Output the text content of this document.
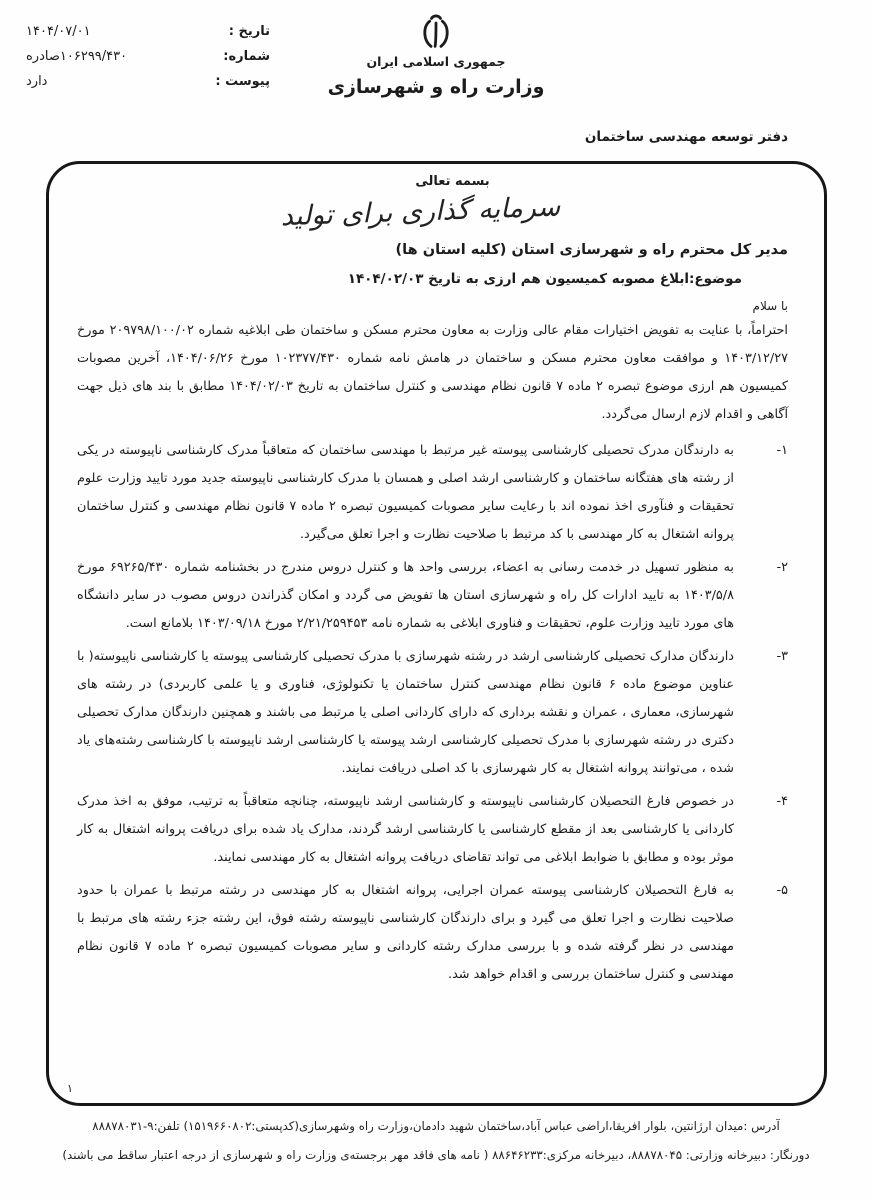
تاریخ :
۱۴۰۴/۰۷/۰۱
شماره:
۱۰۶۲۹۹/۴۳۰صادره
پیوست :
دارد
جمهوری اسلامی ایران
وزارت راه و شهرسازی
دفتر توسعه مهندسی ساختمان
بسمه تعالی
سرمایه گذاری برای تولید
مدیر کل محترم راه و شهرسازی استان (کلیه استان ها)
موضوع:ابلاغ مصوبه کمیسیون هم ارزی به تاریخ ۱۴۰۴/۰۲/۰۳
با سلام
احتراماً، با عنایت به تفویض اختیارات مقام عالی وزارت به معاون محترم مسکن و ساختمان طی ابلاغیه شماره ۲۰۹۷۹۸/۱۰۰/۰۲ مورخ ۱۴۰۳/۱۲/۲۷ و موافقت معاون محترم مسکن و ساختمان در هامش نامه شماره ۱۰۲۳۷۷/۴۳۰ مورخ ۱۴۰۴/۰۶/۲۶، آخرین مصوبات کمیسیون هم ارزی موضوع تبصره ۲ ماده ۷ قانون نظام مهندسی و کنترل ساختمان به تاریخ ۱۴۰۴/۰۲/۰۳ مطابق با بند های ذیل جهت آگاهی و اقدام لازم ارسال می‌گردد.
۱-
به دارندگان مدرک تحصیلی کارشناسی پیوسته غیر مرتبط با مهندسی ساختمان که متعاقباً مدرک کارشناسی ناپیوسته در یکی از رشته های هفتگانه ساختمان و کارشناسی ارشد اصلی و همسان با مدرک کارشناسی ناپیوسته جدید مورد تایید وزارت علوم تحقیقات و فنآوری اخذ نموده اند با رعایت سایر مصوبات کمیسیون تبصره ۲ ماده ۷ قانون نظام مهندسی و کنترل ساختمان پروانه اشتغال به کار مهندسی با کد مرتبط با صلاحیت نظارت و اجرا تعلق می‌گیرد.
۲-
به منظور تسهیل در خدمت رسانی به اعضاء، بررسی واحد ها و کنترل دروس مندرج در بخشنامه شماره ۶۹۲۶۵/۴۳۰ مورخ ۱۴۰۳/۵/۸ به تایید ادارات کل راه و شهرسازی استان ها تفویض می گردد و امکان گذراندن دروس مصوب در سایر دانشگاه های مورد تایید وزارت علوم، تحقیقات و فناوری ابلاغی به شماره نامه ۲/۲۱/۲۵۹۴۵۳ مورخ ۱۴۰۳/۰۹/۱۸ بلامانع است.
۳-
دارندگان مدارک تحصیلی کارشناسی ارشد در رشته شهرسازی با مدرک تحصیلی کارشناسی پیوسته یا کارشناسی ناپیوسته( با عناوین موضوع ماده ۶ قانون نظام مهندسی کنترل ساختمان یا تکنولوژی، فناوری و یا علمی کاربردی) در رشته های شهرسازی، معماری ، عمران و نقشه برداری که دارای کاردانی اصلی یا مرتبط می باشند و همچنین دارندگان مدارک تحصیلی دکتری در رشته شهرسازی با مدرک تحصیلی کارشناسی ارشد پیوسته یا کارشناسی ارشد ناپیوسته با کارشناسی رشته‌های یاد شده ، می‌توانند پروانه اشتغال به کار شهرسازی با کد اصلی دریافت نمایند.
۴-
در خصوص فارغ التحصیلان کارشناسی ناپیوسته و کارشناسی ارشد ناپیوسته، چنانچه متعاقباً به ترتیب، موفق به اخذ مدرک کاردانی یا کارشناسی بعد از مقطع کارشناسی یا کارشناسی ارشد گردند، مدارک یاد شده برای دریافت پروانه اشتغال به کار موثر بوده و مطابق با ضوابط ابلاغی می تواند تقاضای دریافت پروانه اشتغال به کار مهندسی نمایند.
۵-
به فارغ التحصیلان کارشناسی پیوسته عمران اجرایی، پروانه اشتغال به کار مهندسی در رشته مرتبط با عمران با حدود صلاحیت نظارت و اجرا تعلق می گیرد و برای دارندگان کارشناسی ناپیوسته رشته فوق، این رشته جزء رشته های مرتبط با مهندسی در نظر گرفته شده و با بررسی مدارک رشته کاردانی و سایر مصوبات کمیسیون تبصره ۲ ماده ۷ قانون نظام مهندسی و کنترل ساختمان بررسی و اقدام خواهد شد.
۱
آدرس :میدان ارژانتین، بلوار افریقا،اراضی عباس آباد،ساختمان شهید دادمان،وزارت راه وشهرسازی(کدپستی:۱۵۱۹۶۶۰۸۰۲) تلفن:۹-۸۸۸۷۸۰۳۱
دورنگار: دبیرخانه وزارتی: ۸۸۸۷۸۰۴۵، دبیرخانه مرکزی:۸۸۶۴۶۲۳۳ ( نامه های فاقد مهر برجسته‌ی وزارت راه و شهرسازی از درجه اعتبار ساقط می باشند)
